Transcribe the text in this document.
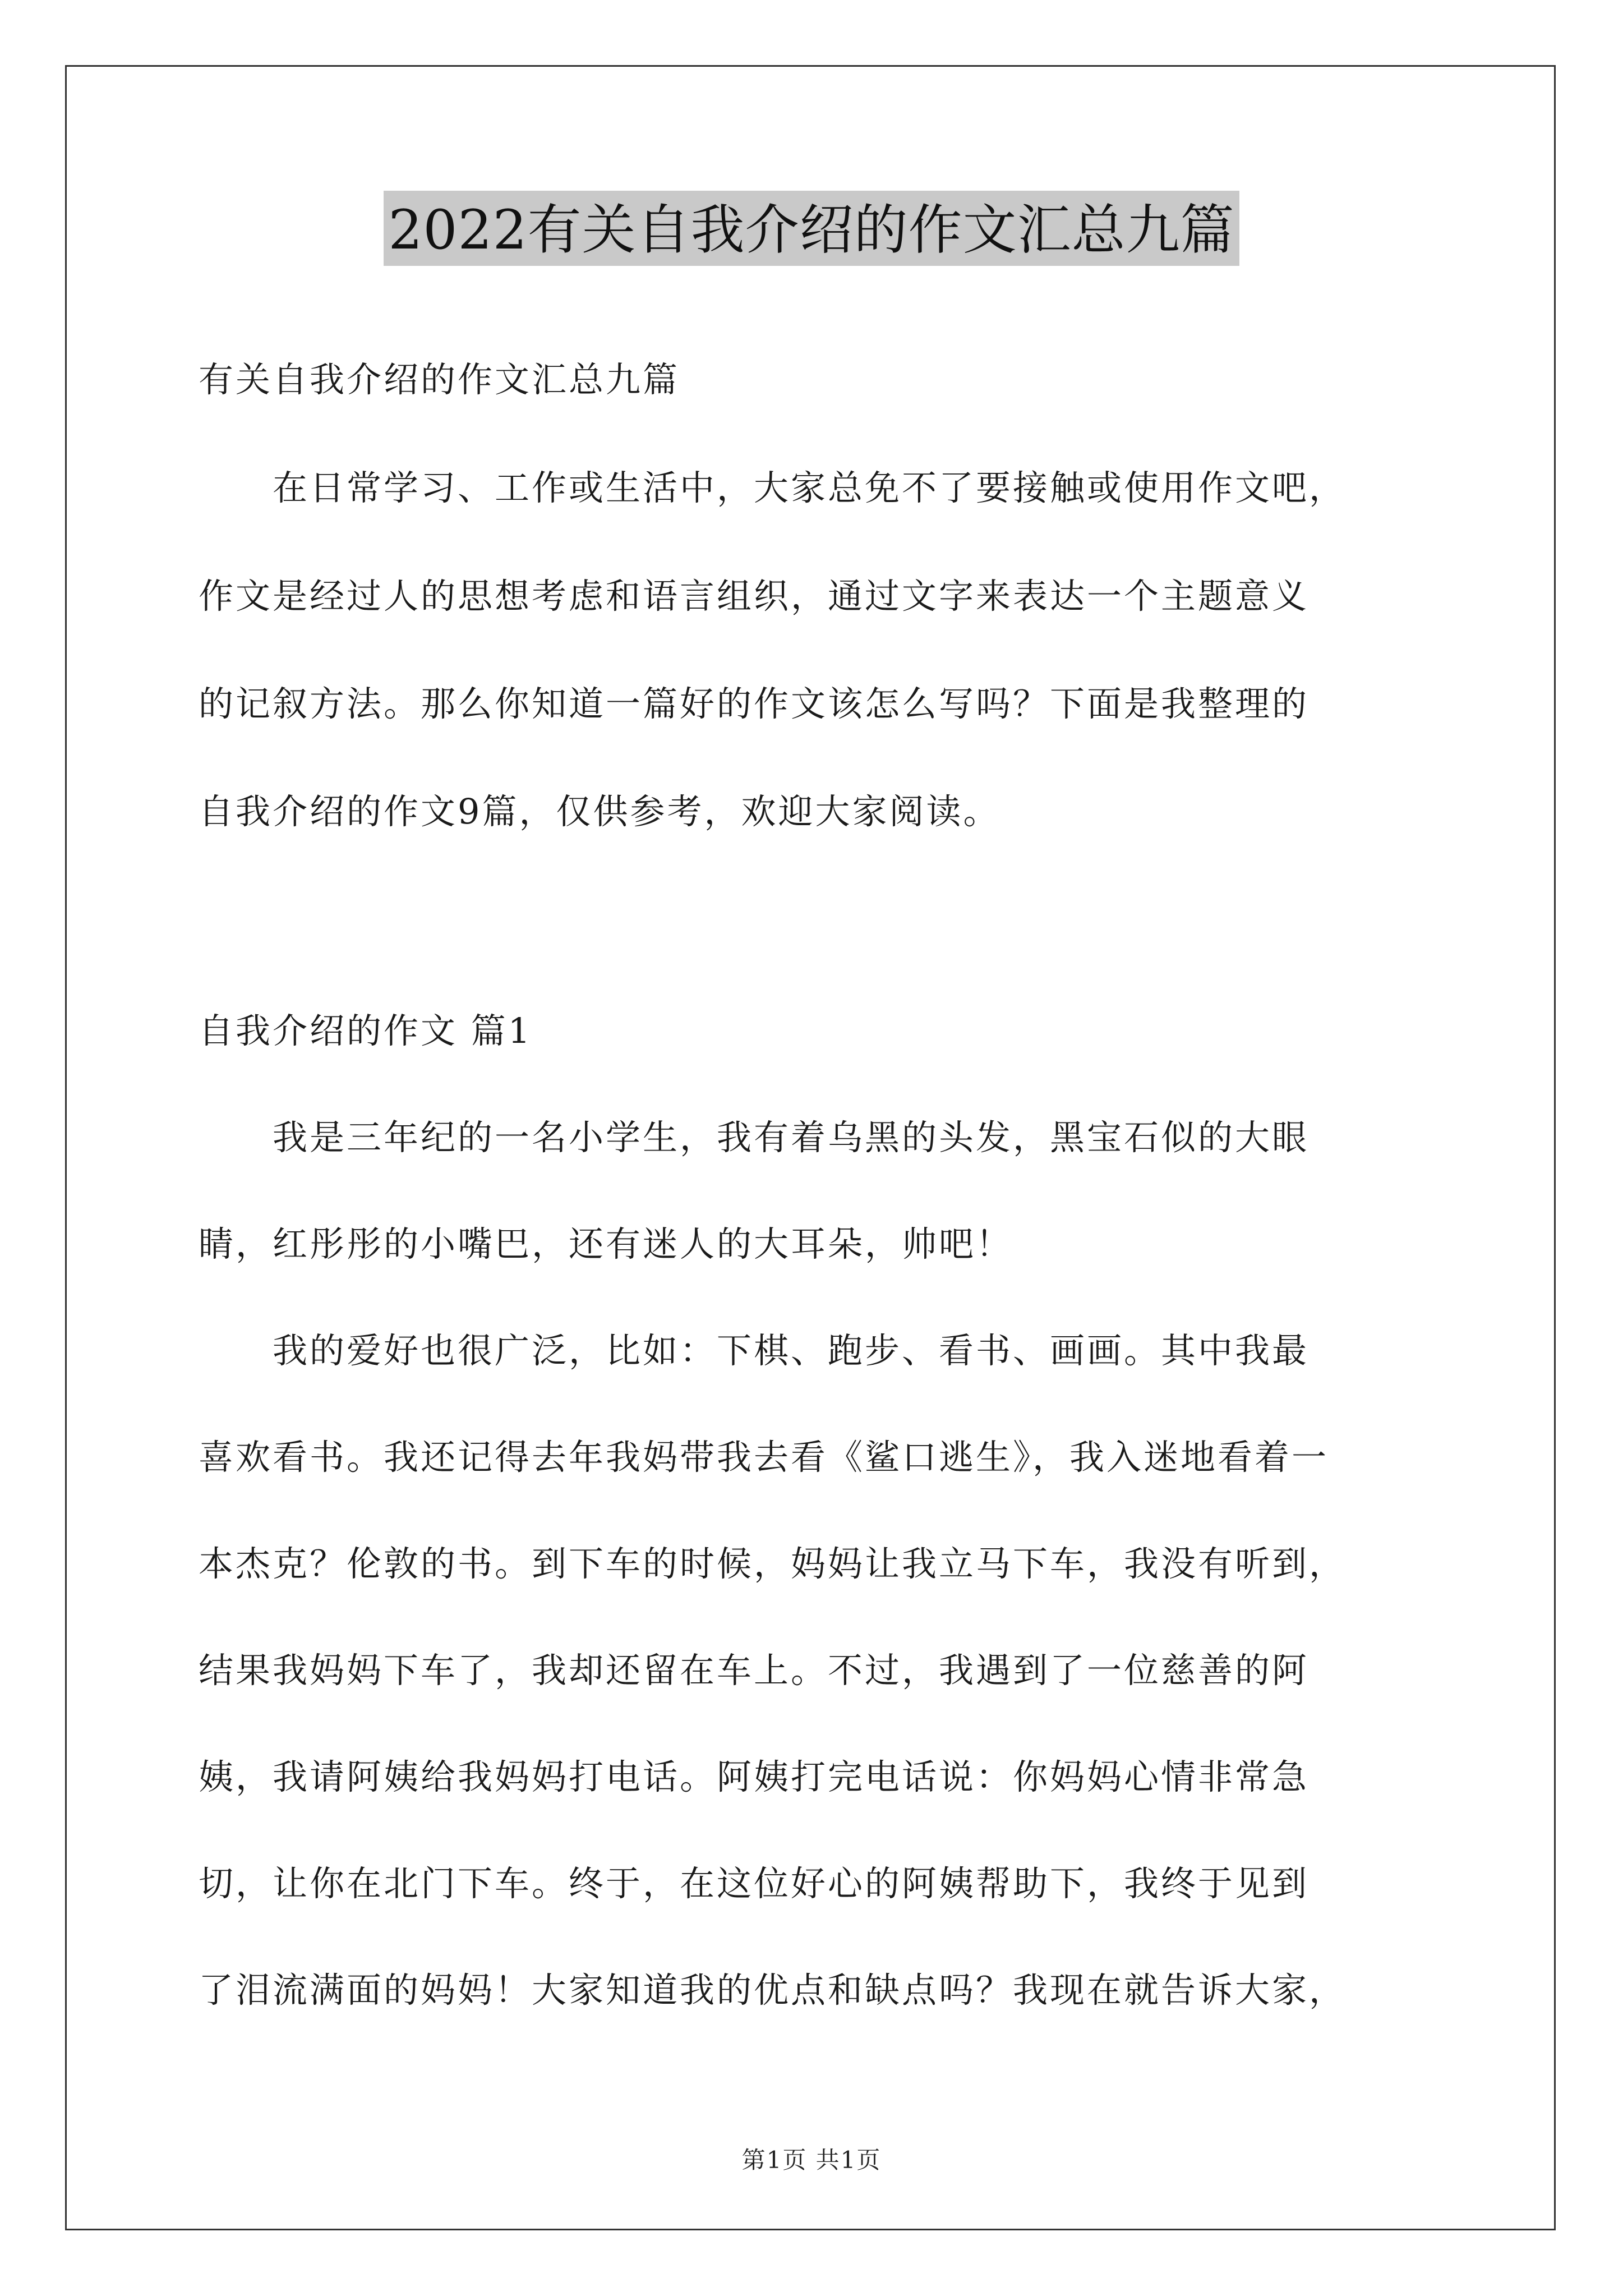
2022有关自我介绍的作文汇总九篇
有关自我介绍的作文汇总九篇
　　在日常学习、工作或生活中，大家总免不了要接触或使用作文吧，
作文是经过人的思想考虑和语言组织，通过文字来表达一个主题意义
的记叙方法。那么你知道一篇好的作文该怎么写吗？下面是我整理的
自我介绍的作文9篇，仅供参考，欢迎大家阅读。
自我介绍的作文 篇1
　　我是三年纪的一名小学生，我有着乌黑的头发，黑宝石似的大眼
睛，红彤彤的小嘴巴，还有迷人的大耳朵，帅吧！
　　我的爱好也很广泛，比如：下棋、跑步、看书、画画。其中我最
喜欢看书。我还记得去年我妈带我去看《鲨口逃生》，我入迷地看着一
本杰克？伦敦的书。到下车的时候，妈妈让我立马下车，我没有听到，
结果我妈妈下车了，我却还留在车上。不过，我遇到了一位慈善的阿
姨，我请阿姨给我妈妈打电话。阿姨打完电话说：你妈妈心情非常急
切，让你在北门下车。终于，在这位好心的阿姨帮助下，我终于见到
了泪流满面的妈妈！大家知道我的优点和缺点吗？我现在就告诉大家，
第1页 共1页
